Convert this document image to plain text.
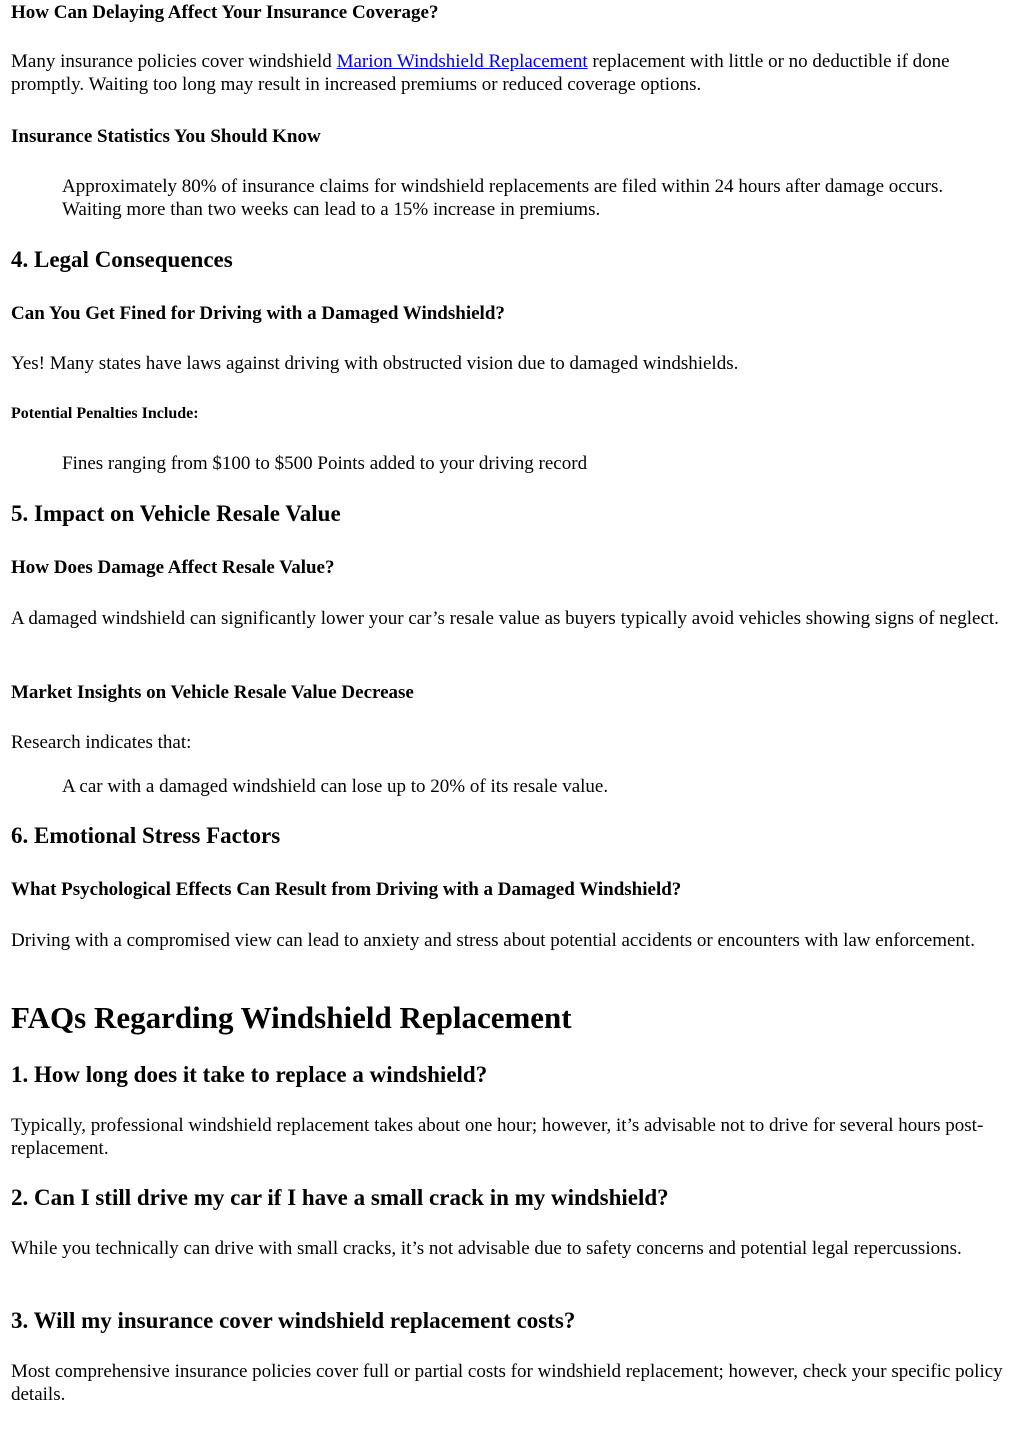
How Can Delaying Affect Your Insurance Coverage?

Many insurance policies cover windshield Marion Windshield Replacement replacement with little or no deductible if done promptly. Waiting too long may result in increased premiums or reduced coverage options.

Insurance Statistics You Should Know
Approximately 80% of insurance claims for windshield replacements are filed within 24 hours after damage occurs. Waiting more than two weeks can lead to a 15% increase in premiums.
4. Legal Consequences
Can You Get Fined for Driving with a Damaged Windshield?

Yes! Many states have laws against driving with obstructed vision due to damaged windshields.

Potential Penalties Include:
Fines ranging from $100 to $500 Points added to your driving record
5. Impact on Vehicle Resale Value
How Does Damage Affect Resale Value?

A damaged windshield can significantly lower your car’s resale value as buyers typically avoid vehicles showing signs of neglect.

Market Insights on Vehicle Resale Value Decrease

Research indicates that:

A car with a damaged windshield can lose up to 20% of its resale value.
6. Emotional Stress Factors
What Psychological Effects Can Result from Driving with a Damaged Windshield?

Driving with a compromised view can lead to anxiety and stress about potential accidents or encounters with law enforcement.

FAQs Regarding Windshield Replacement
1. How long does it take to replace a windshield?

Typically, professional windshield replacement takes about one hour; however, it’s advisable not to drive for several hours post-replacement.

2. Can I still drive my car if I have a small crack in my windshield?

While you technically can drive with small cracks, it’s not advisable due to safety concerns and potential legal repercussions.

3. Will my insurance cover windshield replacement costs?

Most comprehensive insurance policies cover full or partial costs for windshield replacement; however, check your specific policy details.
